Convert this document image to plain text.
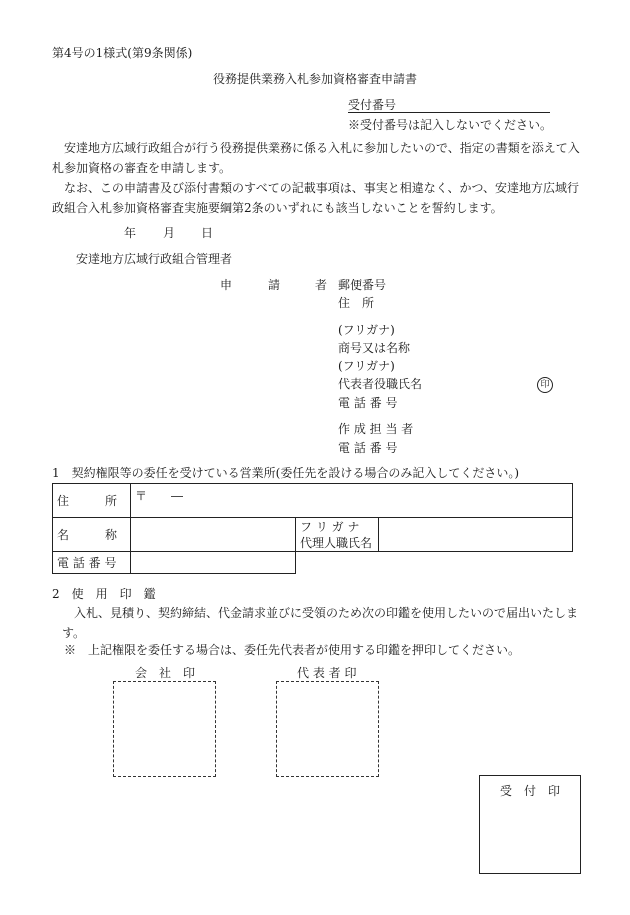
第4号の1様式(第9条関係)
役務提供業務入札参加資格審査申請書
受付番号
※受付番号は記入しないでください。
安達地方広域行政組合が行う役務提供業務に係る入札に参加したいので、指定の書類を添えて入札参加資格の審査を申請します。
なお、この申請書及び添付書類のすべての記載事項は、事実と相違なく、かつ、安達地方広域行政組合入札参加資格審査実施要綱第2条のいずれにも該当しないことを誓約します。
年 月 日
安達地方広域行政組合管理者
申	請	者 郵便番号
住　所
(フリガナ)
商号又は名称
(フリガナ)
代表者役職氏名	印
電 話 番 号
作 成 担 当 者
電 話 番 号
1　契約権限等の委任を受けている営業所(委任先を設ける場合のみ記入してください。)
住　　　所	〒　　―		
名　　　称		フ リ ガ ナ
代理人職氏名	

電 話 番 号			
2　使　用　印　鑑
入札、見積り、契約締結、代金請求並びに受領のため次の印鑑を使用したいので届出いたします。
※　上記権限を委任する場合は、委任先代表者が使用する印鑑を押印してください。
会　社　印	代 表 者 印
受　付　印
